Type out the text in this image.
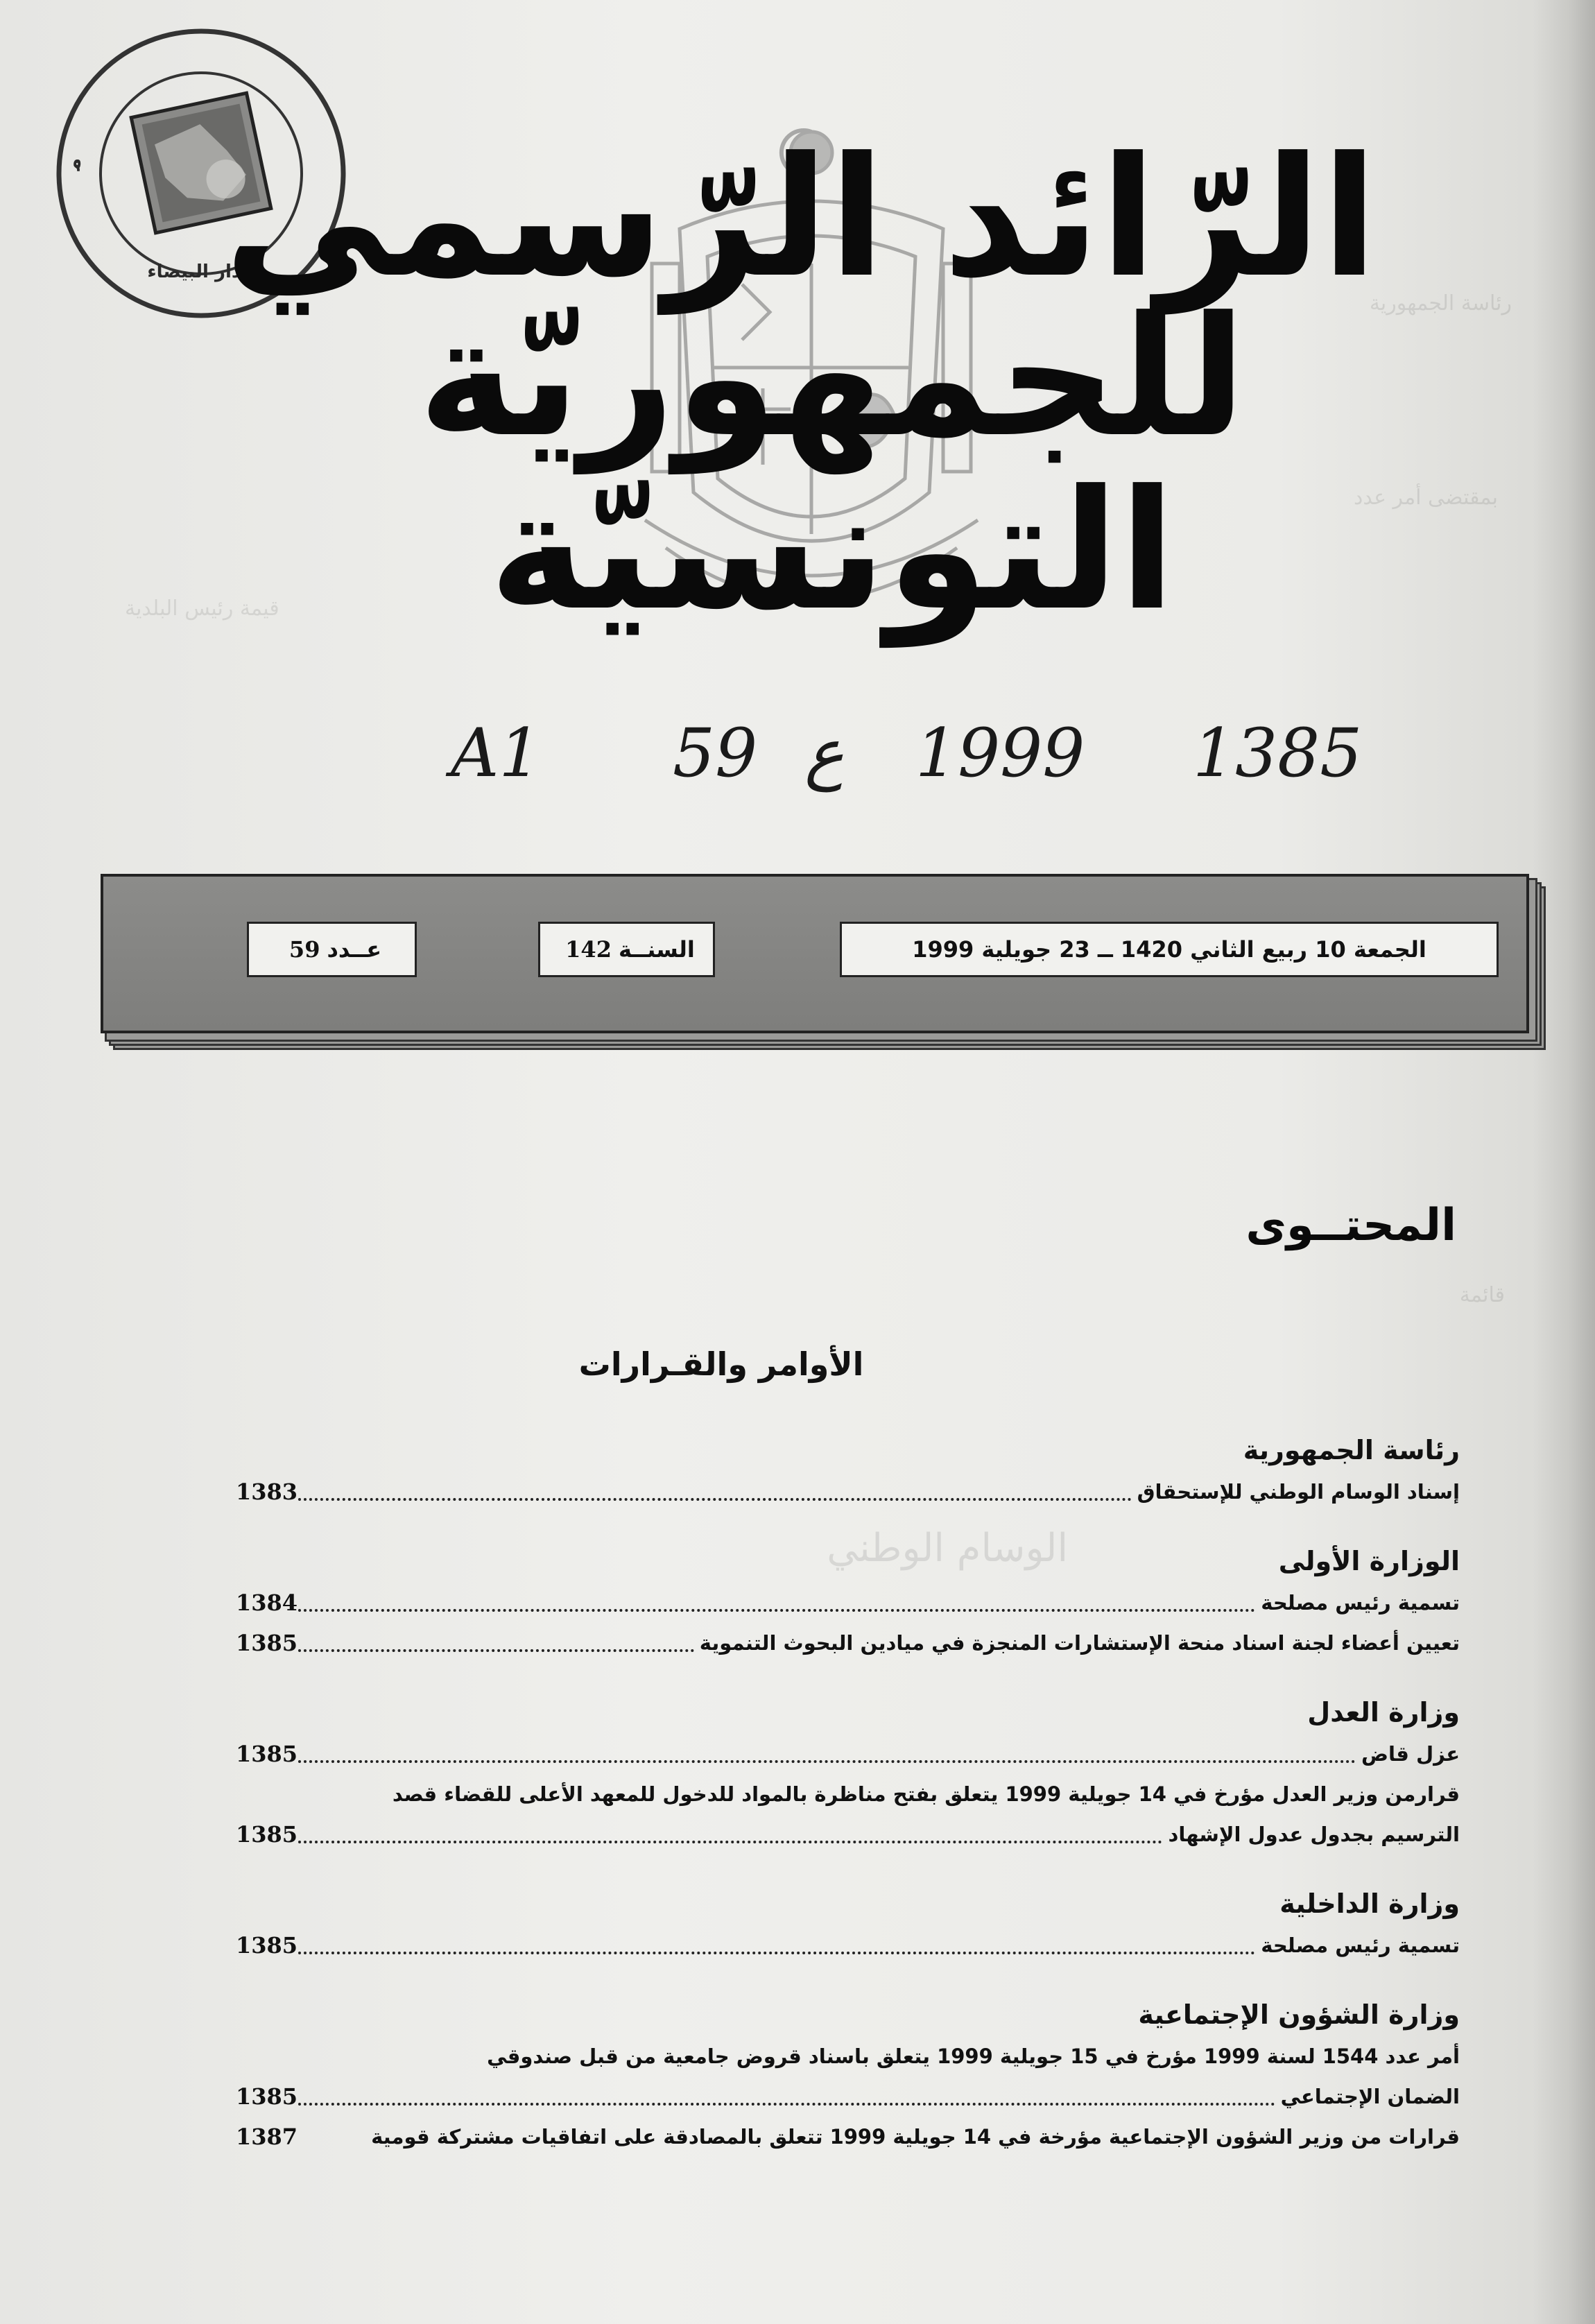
رئاسة الجمهورية
بمقتضى أمر عدد
قائمة
الوسام الوطني
قيمة رئيس البلدية
م
الدار البيضاء
الرّائد الرّسمي
للجمهوريّة التونسيّة
A1 59 ع 1999 1385
الجمعة 10 ربيع الثاني 1420 ــ 23 جويلية 1999
السنــة
142
عــدد
59
المحتــوى
الأوامر والقـرارات
رئاسة الجمهورية
إسناد الوسام الوطني للإستحقاق
1383
الوزارة الأولى
تسمية رئيس مصلحة
1384
تعيين أعضاء لجنة اسناد منحة الإستشارات المنجزة في ميادين البحوث التنموية
1385
وزارة العدل
عزل قاض
1385
قرارمن وزير العدل مؤرخ في 14 جويلية 1999 يتعلق بفتح مناظرة بالمواد للدخول للمعهد الأعلى للقضاء قصد
الترسيم بجدول عدول الإشهاد
1385
وزارة الداخلية
تسمية رئيس مصلحة
1385
وزارة الشؤون الإجتماعية
أمر عدد 1544 لسنة 1999 مؤرخ في 15 جويلية 1999 يتعلق باسناد قروض جامعية من قبل صندوقي
الضمان الإجتماعي
1385
قرارات من وزير الشؤون الإجتماعية مؤرخة في 14 جويلية 1999 تتعلق بالمصادقة على اتفاقيات مشتركة قومية
1387
